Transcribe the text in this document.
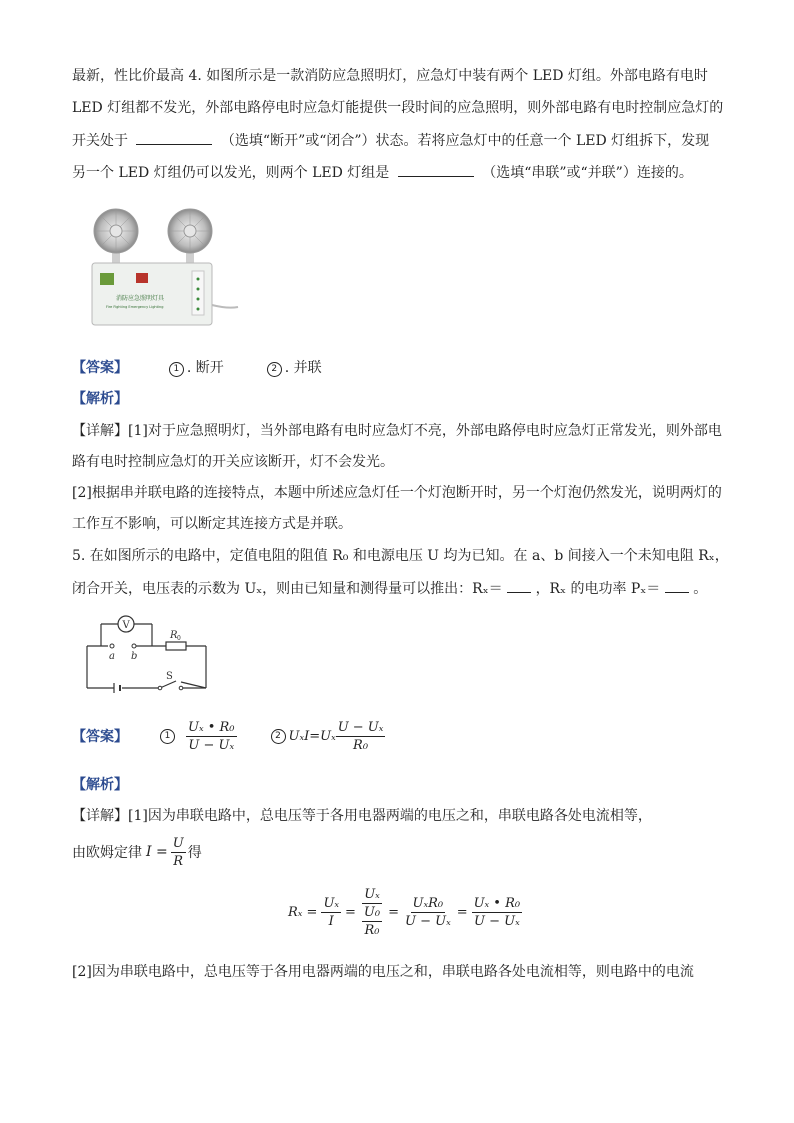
最新，性比价最高 4. 如图所示是一款消防应急照明灯，应急灯中装有两个 LED 灯组。外部电路有电时
LED 灯组都不发光，外部电路停电时应急灯能提供一段时间的应急照明，则外部电路有电时控制应急灯的
开关处于	（选填“断开”或“闭合”）状态。若将应急灯中的任意一个 LED 灯组拆下，发现
另一个 LED 灯组仍可以发光，则两个 LED 灯组是	（选填“串联”或“并联”）连接的。
消防应急照明灯具
Fire Fighting Emergency Lighting
【答案】	1 . 断开	2 . 并联
【解析】
【详解】[1]对于应急照明灯，当外部电路有电时应急灯不亮，外部电路停电时应急灯正常发光，则外部电
路有电时控制应急灯的开关应该断开，灯不会发光。
[2]根据串并联电路的连接特点，本题中所述应急灯任一个灯泡断开时，另一个灯泡仍然发光，说明两灯的
工作互不影响，可以断定其连接方式是并联。
5. 在如图所示的电路中，定值电阻的阻值 R₀ 和电源电压 U 均为已知。在 a、b 间接入一个未知电阻 Rₓ，
闭合开关，电压表的示数为 Uₓ，则由已知量和测得量可以推出：Rₓ＝ ，Rₓ 的电功率 Pₓ＝ 。
V
a b
R 0
S
【答案】	1	$\frac{\text{Uₓ • R₀}}{\text{U − Uₓ}}$	2 $U_xI=U_x \frac{\text{U − Uₓ}}{\text{R₀}}$
【解析】
【详解】[1]因为串联电路中，总电压等于各用电器两端的电压之和，串联电路各处电流相等，
由欧姆定律 $I = \frac{U}{R}$ 得
$R_x = \frac{\text{Uₓ}}{I} = \frac{\text{Uₓ}}{\frac{\text{U₀}}{\text{R₀}}} = \frac{\text{UₓR₀}}{\text{U − Uₓ}} = \frac{\text{Uₓ • R₀}}{\text{U − Uₓ}}$
[2]因为串联电路中，总电压等于各用电器两端的电压之和，串联电路各处电流相等，则电路中的电流
